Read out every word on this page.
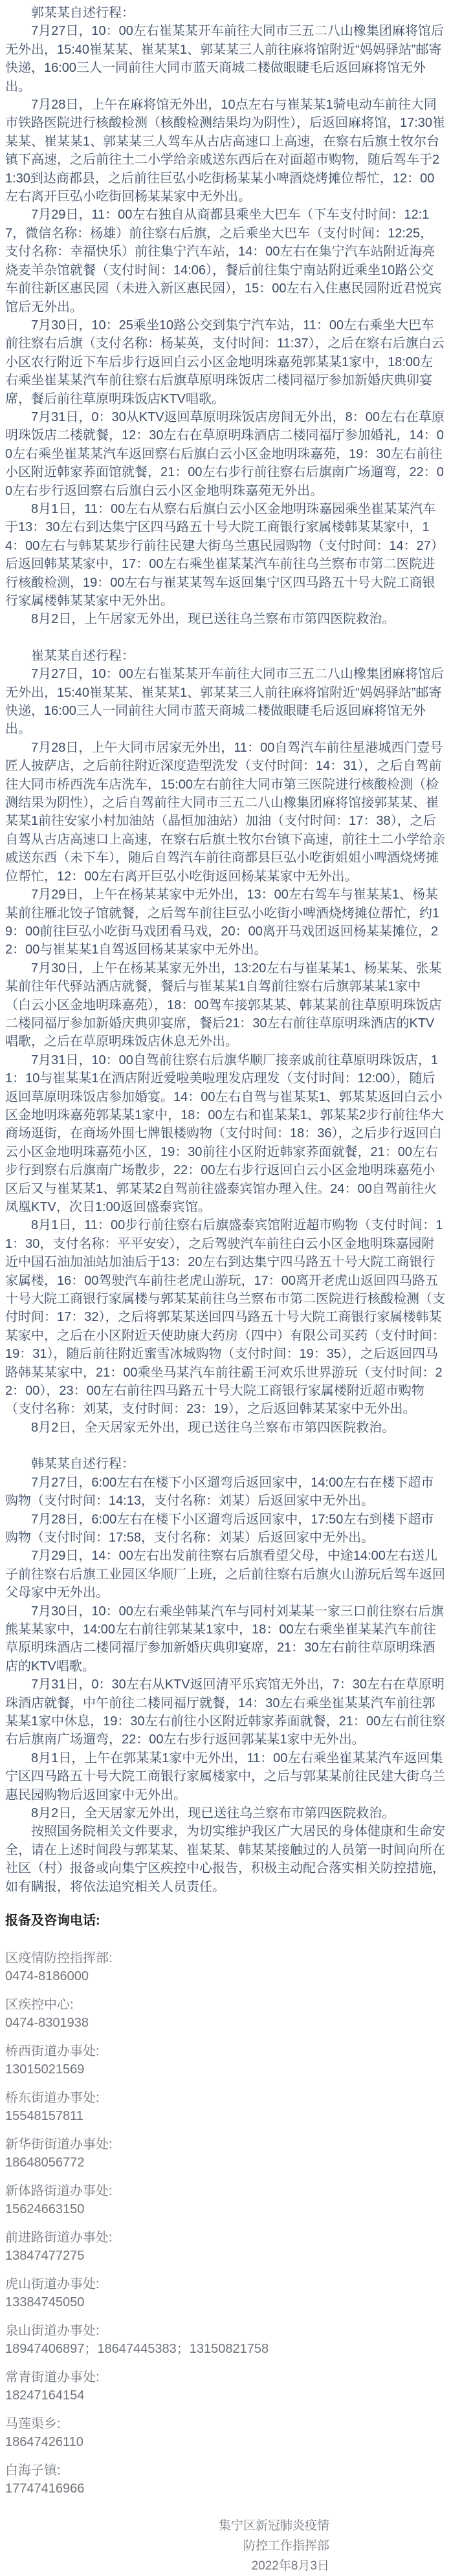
郭某某自述行程：

7月27日，10：00左右崔某某开车前往大同市三五二八山橡集团麻将馆后无外出，15:40崔某某、崔某某1、郭某某三人前往麻将馆附近“妈妈驿站”邮寄快递，16:00三人一同前往大同市蓝天商城二楼做眼睫毛后返回麻将馆无外出。

7月28日，上午在麻将馆无外出，10点左右与崔某某1骑电动车前往大同市铁路医院进行核酸检测（核酸检测结果均为阴性），后返回麻将馆，17:30崔某某、崔某某1、郭某某三人驾车从古店高速口上高速，在察右后旗土牧尔台镇下高速，之后前往土二小学给亲戚送东西后在对面超市购物，随后驾车于21:30到达商都县，之后前往巨弘小吃街杨某某小啤酒烧烤摊位帮忙，12：00左右离开巨弘小吃街回杨某某家中无外出。

7月29日，11：00左右独自从商都县乘坐大巴车（下车支付时间：12:17，微信名称：杨雄）前往察右后旗，之后乘坐大巴车（支付时间：12:25，支付名称：幸福快乐）前往集宁汽车站，14：00左右在集宁汽车站附近海亮烧麦羊杂馆就餐（支付时间：14:06），餐后前往集宁南站附近乘坐10路公交车前往新区惠民园（未进入新区惠民园），15：00左右入住惠民园附近君悦宾馆后无外出。

7月30日，10：25乘坐10路公交到集宁汽车站，11：00左右乘坐大巴车前往察右后旗（支付名称：杨某英，支付时间：11:37），之后在察右后旗白云小区农行附近下车后步行返回白云小区金地明珠嘉苑郭某某1家中，18:00左右乘坐崔某某汽车前往察右后旗草原明珠饭店二楼同福厅参加新婚庆典卯宴席，餐后前往草原明珠饭店KTV唱歌。

7月31日，0：30从KTV返回草原明珠饭店房间无外出，8：00左右在草原明珠饭店二楼就餐，12：30左右在草原明珠酒店二楼同福厅参加婚礼，14：00左右乘坐崔某某汽车返回察右后旗白云小区金地明珠嘉苑，19：30左右前往小区附近韩家荞面馆就餐，21：00左右步行前往察右后旗南广场遛弯，22：00左右步行返回察右后旗白云小区金地明珠嘉苑无外出。

8月1日，11：00左右从察右后旗白云小区金地明珠嘉园乘坐崔某某汽车于13：30左右到达集宁区四马路五十号大院工商银行家属楼韩某某家中，14：00左右与韩某某步行前往民建大街乌兰惠民园购物（支付时间：14：27）后返回韩某某家中，17：00左右乘坐崔某某汽车前往乌兰察布市第二医院进行核酸检测，19：00左右与崔某某驾车返回集宁区四马路五十号大院工商银行家属楼韩某某家中无外出。

8月2日，上午居家无外出，现已送往乌兰察布市第四医院救治。

崔某某自述行程：

7月27日，10：00左右崔某某开车前往大同市三五二八山橡集团麻将馆后无外出，15:40崔某某、崔某某1、郭某某三人前往麻将馆附近“妈妈驿站”邮寄快递，16:00三人一同前往大同市蓝天商城二楼做眼睫毛后返回麻将馆无外出。

7月28日，上午大同市居家无外出，11：00自驾汽车前往星港城西门壹号匠人披萨店，之后前往附近深度造型洗发（支付时间：14：31），之后自驾前往大同市桥西洗车店洗车，15:00左右前往大同市第三医院进行核酸检测（检测结果为阴性），之后自驾前往大同市三五二八山橡集团麻将馆接郭某某、崔某某1前往安家小村加油站（晶恒加油站）加油（支付时间：17：38），之后自驾从古店高速口上高速，在察右后旗土牧尔台镇下高速，前往土二小学给亲戚送东西（未下车），随后自驾汽车前往商都县巨弘小吃街姐姐小啤酒烧烤摊位帮忙，12：00左右离开巨弘小吃街返回杨某某家中无外出。

7月29日，上午在杨某某家中无外出，13：00左右驾车与崔某某1、杨某某前往雁北饺子馆就餐，之后驾车前往巨弘小吃街小啤酒烧烤摊位帮忙，约19：00前往巨弘小吃街马戏团看马戏，20：00离开马戏团返回杨某某摊位，22：00与崔某某1自驾返回杨某某家中无外出。

7月30日，上午在杨某某家无外出，13:20左右与崔某某1、杨某某、张某某前往年代驿站酒店就餐，餐后与崔某某1自驾前往察右后旗郭某某1家中（白云小区金地明珠嘉苑），18：00驾车接郭某某、韩某某前往草原明珠饭店二楼同福厅参加新婚庆典卯宴席，餐后21：30左右前往草原明珠酒店的KTV唱歌，之后在草原明珠饭店休息无外出。

7月31日，10：00自驾前往察右后旗华顺厂接亲戚前往草原明珠饭店，11：10与崔某某1在酒店附近爱啦美啦理发店理发（支付时间：12:00），随后返回草原明珠饭店参加婚宴。14：00左右自驾与崔某某1、郭某某返回白云小区金地明珠嘉苑郭某某1家中，18：00左右和崔某某1、郭某某2步行前往华大商场逛街，在商场外围七牌银楼购物（支付时间：18：36），之后步行返回白云小区金地明珠嘉苑小区，19：30前往小区附近韩家荞面就餐，21：00左右步行到察右后旗南广场散步，22：00左右步行返回白云小区金地明珠嘉苑小区后又与崔某某1、郭某某2自驾前往盛泰宾馆办理入住。24：00自驾前往火凤凰KTV，次日1:00返回盛泰宾馆。

8月1日，11：00步行前往察右后旗盛泰宾馆附近超市购物（支付时间：11：30，支付名称：平平安安），之后驾驶汽车前往白云小区金地明珠嘉园附近中国石油加油站加油后于13：20左右到达集宁四马路五十号大院工商银行家属楼，16：00驾驶汽车前往老虎山游玩，17：00离开老虎山返回四马路五十号大院工商银行家属楼与郭某某前往乌兰察布市第二医院进行核酸检测（支付时间：17：32），之后将郭某某送回四马路五十号大院工商银行家属楼韩某某家中，之后在小区附近天使助康大药房（四中）有限公司买药（支付时间：19：31），随后前往附近蜜雪冰城购物（支付时间：19：35），之后返回四马路韩某某家中，21：00乘坐马某汽车前往霸王河欢乐世界游玩（支付时间：22：00），23：00左右前往四马路五十号大院工商银行家属楼附近超市购物（支付名称：刘某，支付时间：23：19），之后返回韩某某家中无外出。

8月2日，全天居家无外出，现已送往乌兰察布市第四医院救治。

韩某某自述行程：

7月27日，6:00左右在楼下小区遛弯后返回家中，14:00左右在楼下超市购物（支付时间：14:13，支付名称：刘某）后返回家中无外出。

7月28日，6:00左右在楼下小区遛弯后返回家中，17:50左右到楼下超市购物（支付时间：17:58，支付名称：刘某）后返回家中无外出。

7月29日，14：00左右出发前往察右后旗看望父母，中途14:00左右送儿子前往察右后旗工业园区华顺厂上班，之后前往察右后旗火山游玩后驾车返回父母家中无外出。

7月30日，10：00左右乘坐韩某汽车与同村刘某某一家三口前往察右后旗熊某某家中，14:00左右前往郭某某1家中，18：00左右乘坐崔某某汽车前往草原明珠酒店二楼同福厅参加新婚庆典卯宴席，21：30左右前往草原明珠酒店的KTV唱歌。

7月31日，0：30左右从KTV返回清平乐宾馆无外出，7：30左右在草原明珠酒店就餐，中午前往二楼同福厅就餐，14：30左右乘坐崔某某汽车前往郭某某1家中休息，19：30左右前往小区附近韩家荞面就餐，21：00左右前往察右后旗南广场遛弯，22：00左右步行返回郭某某1家中无外出。

8月1日，上午在郭某某1家中无外出，11：00左右乘坐崔某某汽车返回集宁区四马路五十号大院工商银行家属楼家中，之后与郭某某前往民建大街乌兰惠民园购物后返回家中无外出。

8月2日，全天居家无外出，现已送往乌兰察布市第四医院救治。

按照国务院相关文件要求，为切实维护我区广大居民的身体健康和生命安全，请在上述时间段与郭某某、崔某某、韩某某接触过的人员第一时间向所在社区（村）报备或向集宁区疾控中心报告，积极主动配合落实相关防控措施，如有瞒报，将依法追究相关人员责任。

报备及咨询电话:

区疫情防控指挥部:

0474-8186000

区疾控中心:

0474-8301938

桥西街道办事处:

13015021569

桥东街道办事处:

15548157811

新华街街道办事处:

18648056772

新体路街道办事处:

15624663150

前进路街道办事处:

13847477275

虎山街道办事处:

13384745050

泉山街道办事处:

18947406897；18647445383；13150821758

常青街道办事处:

18247164154

马莲渠乡:

18647426110

白海子镇:

17747416966

集宁区新冠肺炎疫情

防控工作指挥部

2022年8月3日
